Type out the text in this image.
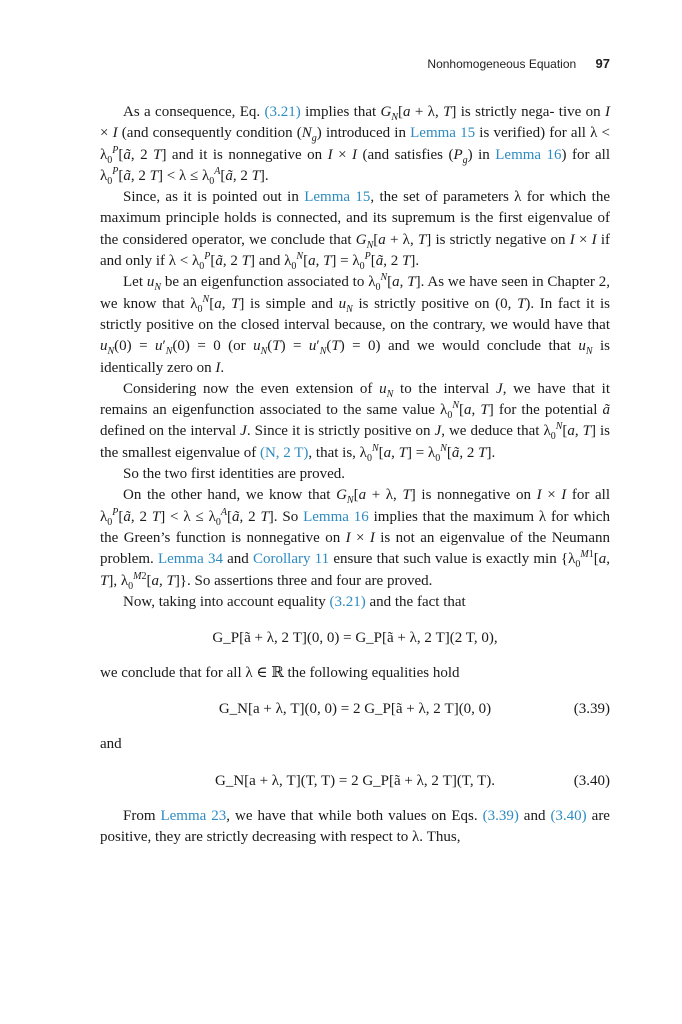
Nonhomogeneous Equation 97

As a consequence, Eq. (3.21) implies that $G_N[a + \lambda$, T] is strictly nega- tive on I × I (and consequently condition $(N_g)$ introduced in Lemma 15 is verified) for all $\lambda < \lambda_0^P[ã$, 2 T] and it is nonnegative on I × I (and satisfies $(P_g)$ in Lemma 16) for all $\lambda_0^P[ã$, 2 $T] < \lambda \le \lambda_0^A[ã$, 2 T].

Since, as it is pointed out in Lemma 15, the set of parameters λ for which the maximum principle holds is connected, and its supremum is the first eigenvalue of the considered operator, we conclude that $G_N[a + \lambda$, T] is strictly negative on I × I if and only if $\lambda < \lambda_0^P[ã$, 2 T] and $\lambda_0^N[a$, $T] = \lambda_0^P[ã$, 2 T].

Let $u_N$ be an eigenfunction associated to $\lambda_0^N[a$, T]. As we have seen in Chapter 2, we know that $\lambda_0^N[a$, T] is simple and $u_N$ is strictly positive on (0, T). In fact it is strictly positive on the closed interval because, on the contrary, we would have that $u_N(0) = u'_N(0) = 0$ (or $u_N(T) = u'_N(T) = 0$) and we would conclude that $u_N$ is identically zero on I.

Considering now the even extension of $u_N$ to the interval J, we have that it remains an eigenfunction associated to the same value $\lambda_0^N[a$, T] for the potential ã defined on the interval J. Since it is strictly positive on J, we deduce that $\lambda_0^N[a$, T] is the smallest eigenvalue of (N, 2 T), that is, $\lambda_0^N[a$, $T] = \lambda_0^N[ã$, 2 T].

So the two first identities are proved.

On the other hand, we know that $G_N[a + \lambda$, T] is nonnegative on I × I for all $\lambda_0^P[ã$, 2 $T] < \lambda \le \lambda_0^A[ã$, 2 T]. So Lemma 16 implies that the maximum λ for which the Green’s function is nonnegative on I × I is not an eigenvalue of the Neumann problem. Lemma 34 and Corollary 11 ensure that such value is exactly $\min \{\lambda_0^{M1}[a$, T], $\lambda_0^{M2}[a$, T]}. So assertions three and four are proved.

Now, taking into account equality (3.21) and the fact that

G_P[ã + λ, 2 T](0, 0) = G_P[ã + λ, 2 T](2 T, 0),

we conclude that for all λ ∈ ℝ the following equalities hold

G_N[a + λ, T](0, 0) = 2 G_P[ã + λ, 2 T](0, 0)	(3.39)

and

G_N[a + λ, T](T, T) = 2 G_P[ã + λ, 2 T](T, T).	(3.40)

From Lemma 23, we have that while both values on Eqs. (3.39) and (3.40) are positive, they are strictly decreasing with respect to λ. Thus,
